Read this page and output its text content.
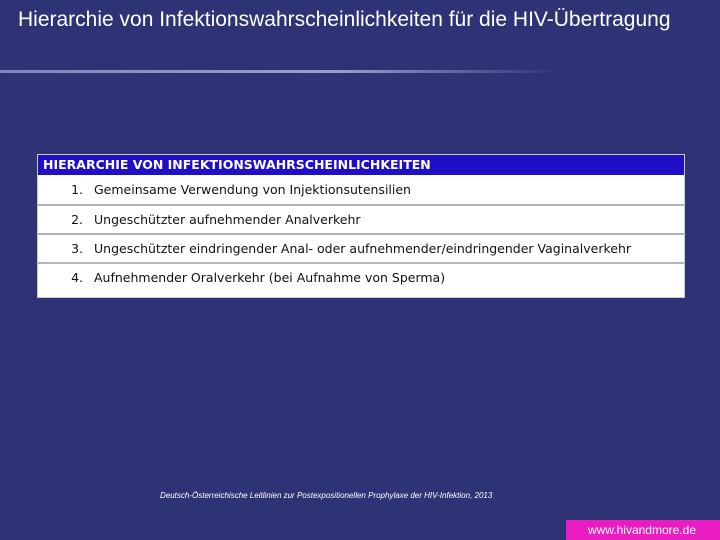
Hierarchie von Infektionswahrscheinlichkeiten für die HIV-Übertragung
HIERARCHIE VON INFEKTIONSWAHRSCHEINLICHKEITEN
1. Gemeinsame Verwendung von Injektionsutensilien
2. Ungeschützter aufnehmender Analverkehr
3. Ungeschützter eindringender Anal- oder aufnehmender/eindringender Vaginalverkehr
4. Aufnehmender Oralverkehr (bei Aufnahme von Sperma)
Deutsch-Österreichische Leitlinien zur Postexpositionellen Prophylaxe der HIV-Infektion, 2013
www.hivandmore.de
